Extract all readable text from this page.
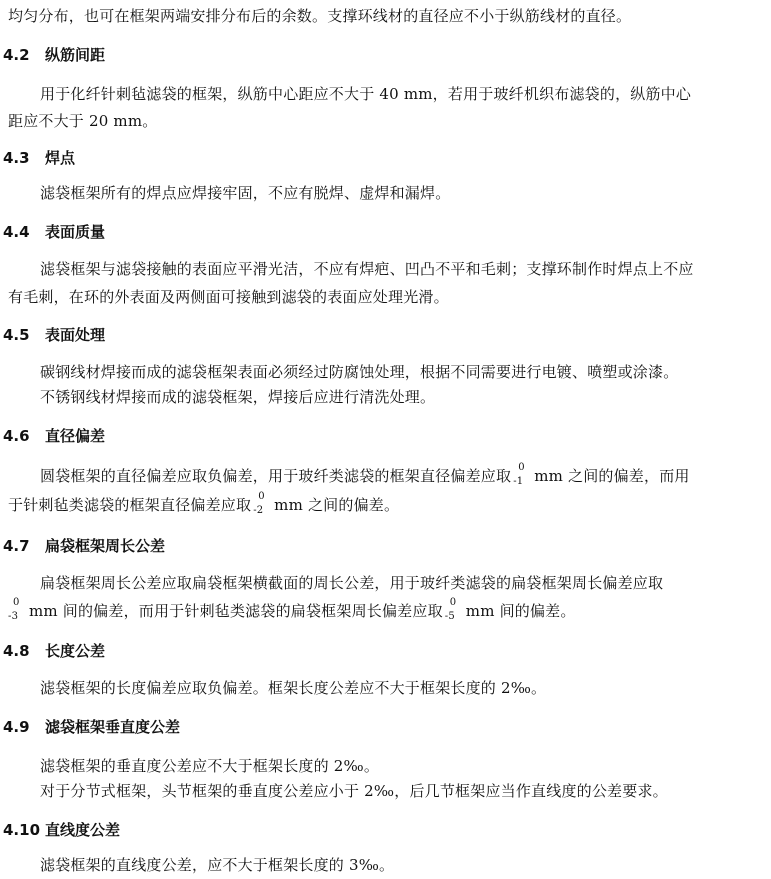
均匀分布，也可在框架两端安排分布后的余数。支撑环线材的直径应不小于纵筋线材的直径。
4.2 纵筋间距
用于化纤针刺毡滤袋的框架，纵筋中心距应不大于 40 mm，若用于玻纤机织布滤袋的，纵筋中心
距应不大于 20 mm。
4.3 焊点
滤袋框架所有的焊点应焊接牢固，不应有脱焊、虚焊和漏焊。
4.4 表面质量
滤袋框架与滤袋接触的表面应平滑光洁，不应有焊疤、凹凸不平和毛刺；支撑环制作时焊点上不应
有毛刺，在环的外表面及两侧面可接触到滤袋的表面应处理光滑。
4.5 表面处理
碳钢线材焊接而成的滤袋框架表面必须经过防腐蚀处理，根据不同需要进行电镀、喷塑或涂漆。
不锈钢线材焊接而成的滤袋框架，焊接后应进行清洗处理。
4.6 直径偏差
圆袋框架的直径偏差应取负偏差，用于玻纤类滤袋的框架直径偏差应取 0
-1 mm 之间的偏差，而用
于针刺毡类滤袋的框架直径偏差应取 0
-2 mm 之间的偏差。
4.7 扁袋框架周长公差
扁袋框架周长公差应取扁袋框架横截面的周长公差，用于玻纤类滤袋的扁袋框架周长偏差应取
0
-3 mm 间的偏差，而用于针刺毡类滤袋的扁袋框架周长偏差应取 0
-5 mm 间的偏差。
4.8 长度公差
滤袋框架的长度偏差应取负偏差。框架长度公差应不大于框架长度的 2‰。
4.9 滤袋框架垂直度公差
滤袋框架的垂直度公差应不大于框架长度的 2‰。
对于分节式框架，头节框架的垂直度公差应小于 2‰，后几节框架应当作直线度的公差要求。
4.10 直线度公差
滤袋框架的直线度公差，应不大于框架长度的 3‰。
